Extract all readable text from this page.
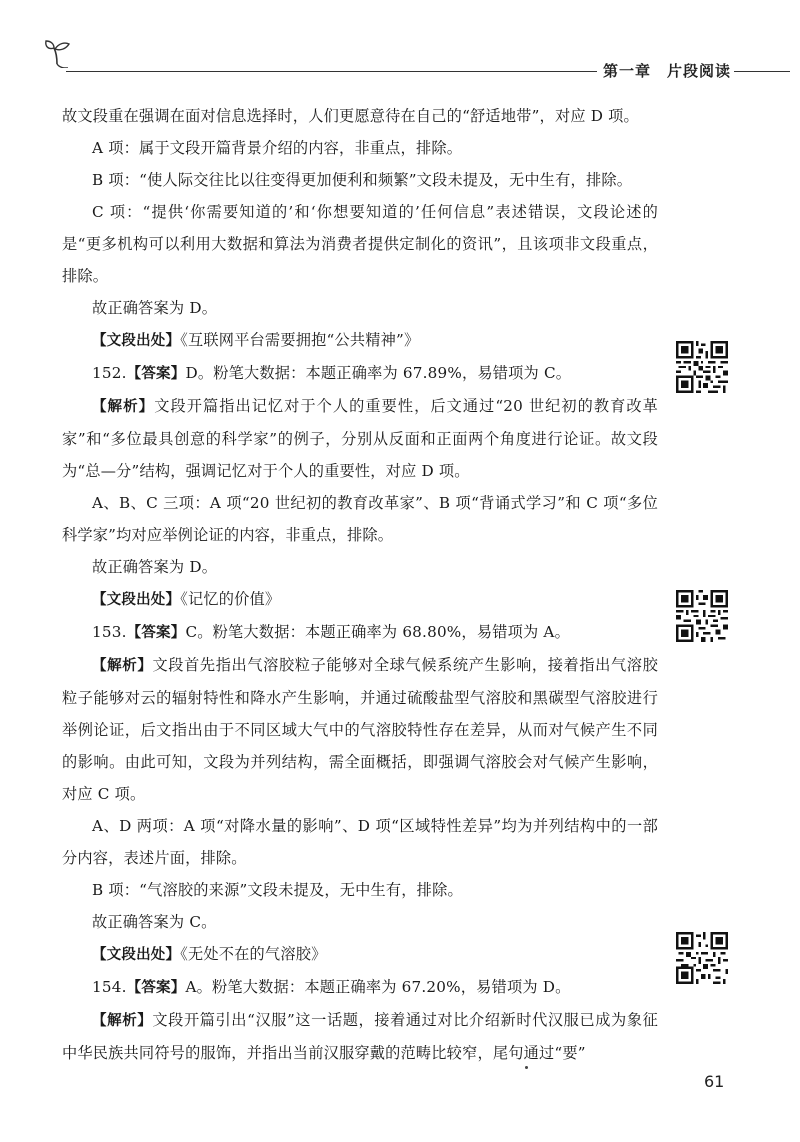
第一章　片段阅读

故文段重在强调在面对信息选择时，人们更愿意待在自己的“舒适地带”，对应 D 项。

A 项：属于文段开篇背景介绍的内容，非重点，排除。

B 项：“使人际交往比以往变得更加便利和频繁”文段未提及，无中生有，排除。

C 项：“提供‘你需要知道的’和‘你想要知道的’任何信息”表述错误，文段论述的是“更多机构可以利用大数据和算法为消费者提供定制化的资讯”，且该项非文段重点，排除。

故正确答案为 D。

【文段出处】《互联网平台需要拥抱“公共精神”》

152.【答案】D。粉笔大数据：本题正确率为 67.89%，易错项为 C。

【解析】文段开篇指出记忆对于个人的重要性，后文通过“20 世纪初的教育改革家”和“多位最具创意的科学家”的例子，分别从反面和正面两个角度进行论证。故文段为“总—分”结构，强调记忆对于个人的重要性，对应 D 项。

A、B、C 三项：A 项“20 世纪初的教育改革家”、B 项“背诵式学习”和 C 项“多位科学家”均对应举例论证的内容，非重点，排除。

故正确答案为 D。

【文段出处】《记忆的价值》

153.【答案】C。粉笔大数据：本题正确率为 68.80%，易错项为 A。

【解析】文段首先指出气溶胶粒子能够对全球气候系统产生影响，接着指出气溶胶粒子能够对云的辐射特性和降水产生影响，并通过硫酸盐型气溶胶和黑碳型气溶胶进行举例论证，后文指出由于不同区域大气中的气溶胶特性存在差异，从而对气候产生不同的影响。由此可知，文段为并列结构，需全面概括，即强调气溶胶会对气候产生影响，对应 C 项。

A、D 两项：A 项“对降水量的影响”、D 项“区域特性差异”均为并列结构中的一部分内容，表述片面，排除。

B 项：“气溶胶的来源”文段未提及，无中生有，排除。

故正确答案为 C。

【文段出处】《无处不在的气溶胶》

154.【答案】A。粉笔大数据：本题正确率为 67.20%，易错项为 D。

【解析】文段开篇引出“汉服”这一话题，接着通过对比介绍新时代汉服已成为象征中华民族共同符号的服饰，并指出当前汉服穿戴的范畴比较窄，尾句通过“要”

61
